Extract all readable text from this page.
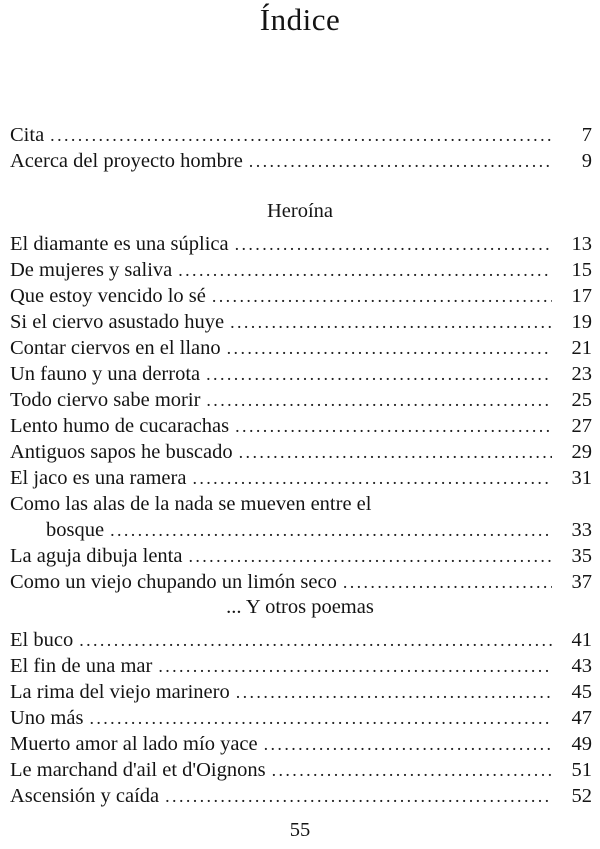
Índice
Cita .....	7
Acerca del proyecto hombre .....	9
Heroína
El diamante es una súplica .....	13
De mujeres y saliva .....	15
Que estoy vencido lo sé .....	17
Si el ciervo asustado huye .....	19
Contar ciervos en el llano .....	21
Un fauno y una derrota .....	23
Todo ciervo sabe morir .....	25
Lento humo de cucarachas .....	27
Antiguos sapos he buscado .....	29
El jaco es una ramera .....	31
Como las alas de la nada se mueven entre el
bosque .....	33
La aguja dibuja lenta .....	35
Como un viejo chupando un limón seco .....	37
... Y otros poemas
El buco .....	41
El fin de una mar .....	43
La rima del viejo marinero .....	45
Uno más .....	47
Muerto amor al lado mío yace .....	49
Le marchand d'ail et d'Oignons .....	51
Ascensión y caída .....	52
55
